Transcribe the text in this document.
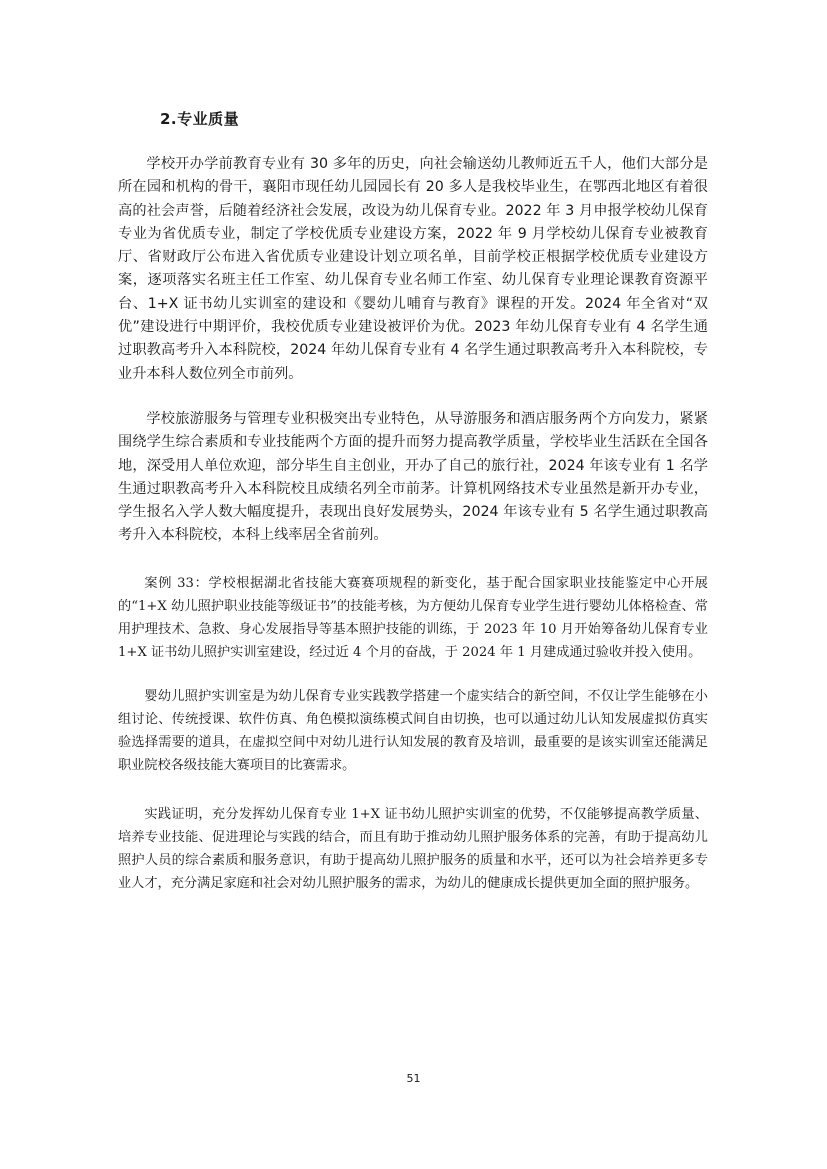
2.专业质量

学校开办学前教育专业有 30 多年的历史，向社会输送幼儿教师近五千人，他们大部分是所在园和机构的骨干，襄阳市现任幼儿园园长有 20 多人是我校毕业生，在鄂西北地区有着很高的社会声誉，后随着经济社会发展，改设为幼儿保育专业。2022 年 3 月申报学校幼儿保育专业为省优质专业，制定了学校优质专业建设方案，2022 年 9 月学校幼儿保育专业被教育厅、省财政厅公布进入省优质专业建设计划立项名单，目前学校正根据学校优质专业建设方案，逐项落实名班主任工作室、幼儿保育专业名师工作室、幼儿保育专业理论课教育资源平台、1+X 证书幼儿实训室的建设和《婴幼儿哺育与教育》课程的开发。2024 年全省对“双优”建设进行中期评价，我校优质专业建设被评价为优。2023 年幼儿保育专业有 4 名学生通过职教高考升入本科院校，2024 年幼儿保育专业有 4 名学生通过职教高考升入本科院校，专业升本科人数位列全市前列。

学校旅游服务与管理专业积极突出专业特色，从导游服务和酒店服务两个方向发力，紧紧围绕学生综合素质和专业技能两个方面的提升而努力提高教学质量，学校毕业生活跃在全国各地，深受用人单位欢迎，部分毕生自主创业，开办了自己的旅行社，2024 年该专业有 1 名学生通过职教高考升入本科院校且成绩名列全市前茅。计算机网络技术专业虽然是新开办专业，学生报名入学人数大幅度提升，表现出良好发展势头，2024 年该专业有 5 名学生通过职教高考升入本科院校，本科上线率居全省前列。

案例 33：学校根据湖北省技能大赛赛项规程的新变化，基于配合国家职业技能鉴定中心开展的“1+X 幼儿照护职业技能等级证书”的技能考核，为方便幼儿保育专业学生进行婴幼儿体格检查、常用护理技术、急救、身心发展指导等基本照护技能的训练，于 2023 年 10 月开始筹备幼儿保育专业 1+X 证书幼儿照护实训室建设，经过近 4 个月的奋战，于 2024 年 1 月建成通过验收并投入使用。

婴幼儿照护实训室是为幼儿保育专业实践教学搭建一个虚实结合的新空间，不仅让学生能够在小组讨论、传统授课、软件仿真、角色模拟演练模式间自由切换，也可以通过幼儿认知发展虚拟仿真实验选择需要的道具，在虚拟空间中对幼儿进行认知发展的教育及培训，最重要的是该实训室还能满足职业院校各级技能大赛项目的比赛需求。

实践证明，充分发挥幼儿保育专业 1+X 证书幼儿照护实训室的优势，不仅能够提高教学质量、培养专业技能、促进理论与实践的结合，而且有助于推动幼儿照护服务体系的完善，有助于提高幼儿照护人员的综合素质和服务意识，有助于提高幼儿照护服务的质量和水平，还可以为社会培养更多专业人才，充分满足家庭和社会对幼儿照护服务的需求，为幼儿的健康成长提供更加全面的照护服务。

51
